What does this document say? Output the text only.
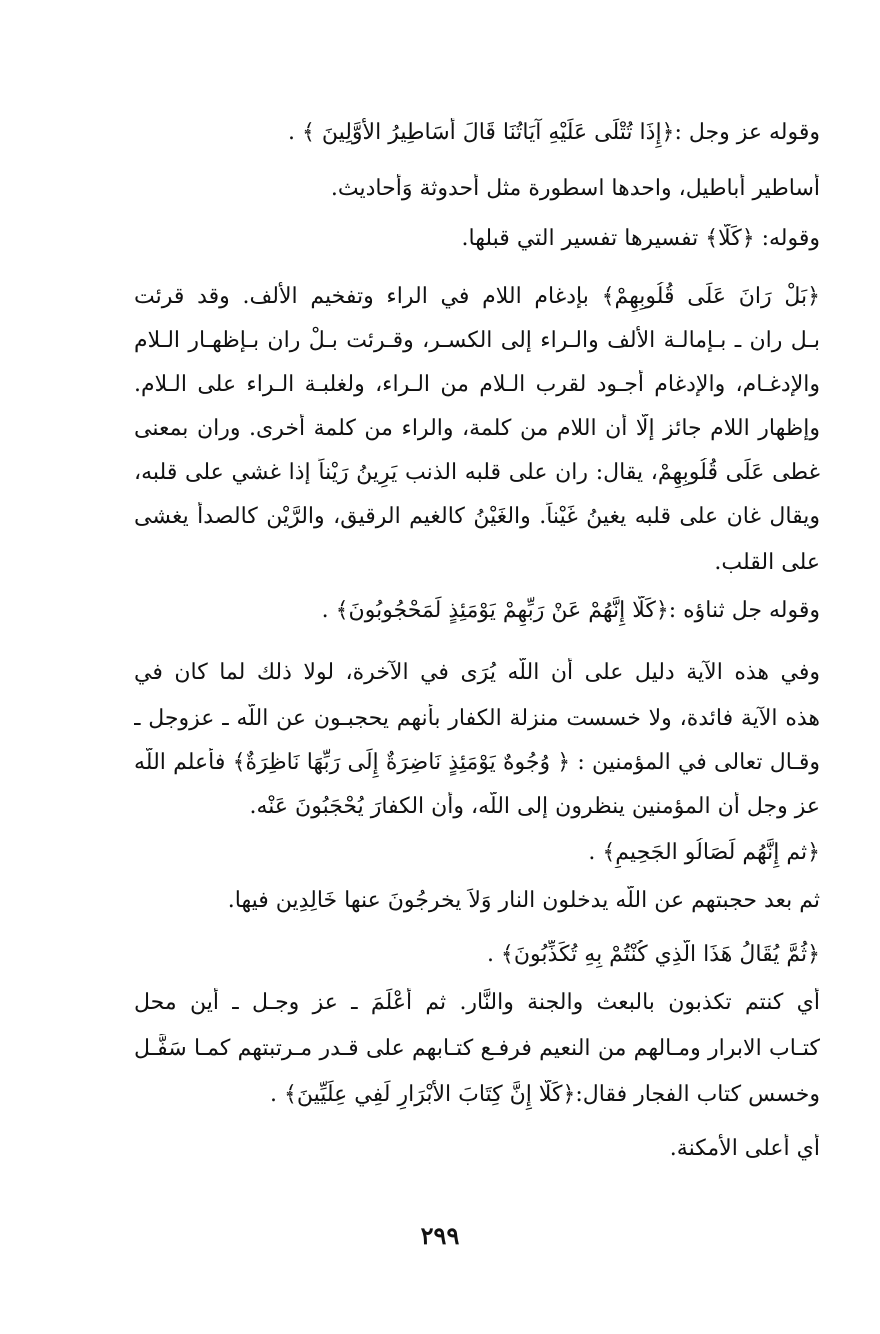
وقوله عز وجل :﴿إِذَا تُتْلَى عَلَيْهِ آيَاتُنَا قَالَ أَسَاطِيرُ الأَوَّلِينَ ﴾ .
أساطير أباطيل، واحدها اسطورة مثل أحدوثة وَأحاديث.
وقوله: ﴿كَلَّا﴾ تفسيرها تفسير التي قبلها.
﴿بَلْ رَانَ عَلَى قُلُوبِهِمْ﴾ بإدغام اللام في الراء وتفخيم الألف. وقد قرئت
بـل ران ـ بـإمالـة الألف والـراء إلى الكسـر، وقـرئت بـلْ ران بـإظهـار الـلام
والإدغـام، والإدغام أجـود لقرب الـلام من الـراء، ولغلبـة الـراء على الـلام.
وإظهار اللام جائز إلّا أن اللام من كلمة، والراء من كلمة أخرى. وران بمعنى
غطى عَلَى قُلُوبِهِمْ، يقال: ران على قلبه الذنب يَرِينُ رَيْناً إذا غشي على قلبه،
ويقال غان على قلبه يغينُ غَيْناً. والغَيْنُ كالغيم الرقيق، والرَّيْن كالصدأ يغشى
على القلب.
وقوله جل ثناؤه :﴿كَلَّا إِنَّهُمْ عَنْ رَبِّهِمْ يَوْمَئِذٍ لَمَحْجُوبُونَ﴾ .
وفي هذه الآية دليل على أن اللّه يُرَى في الآخرة، لولا ذلك لما كان في
هذه الآية فائدة، ولا خسست منزلة الكفار بأنهم يحجبـون عن اللّه ـ عزوجل ـ
وقـال تعالى في المؤمنين : ﴿ وُجُوهٌ يَوْمَئِذٍ نَاضِرَةٌ إِلَى رَبِّهَا نَاظِرَةٌ﴾ فأعلم اللّه
عز وجل أن المؤمنين ينظرون إلى اللّه، وأن الكفارَ يُحْجَبُونَ عَنْه.
﴿ثم إِنَّهُم لَصَالُو الجَحِيمِ﴾ .
ثم بعد حجبتهم عن اللّه يدخلون النار وَلاَ يخرجُونَ عنها خَالِدِين فيها.
﴿ثُمَّ يُقَالُ هَذَا الَّذِي كُنْتُمْ بِهِ تُكَذِّبُونَ﴾ .
أي كنتم تكذبون بالبعث والجنة والنَّار. ثم أَعْلَمَ ـ عز وجـل ـ أين محل
كتـاب الابرار ومـالهم من النعيم فرفـع كتـابهم على قـدر مـرتبتهم كمـا سَفَّـل
وخسس كتاب الفجار فقال:﴿كَلَّا إِنَّ كِتَابَ الأَبْرَارِ لَفِي عِلِّيِّينَ﴾ .
أي أعلى الأمكنة.
٢٩٩
